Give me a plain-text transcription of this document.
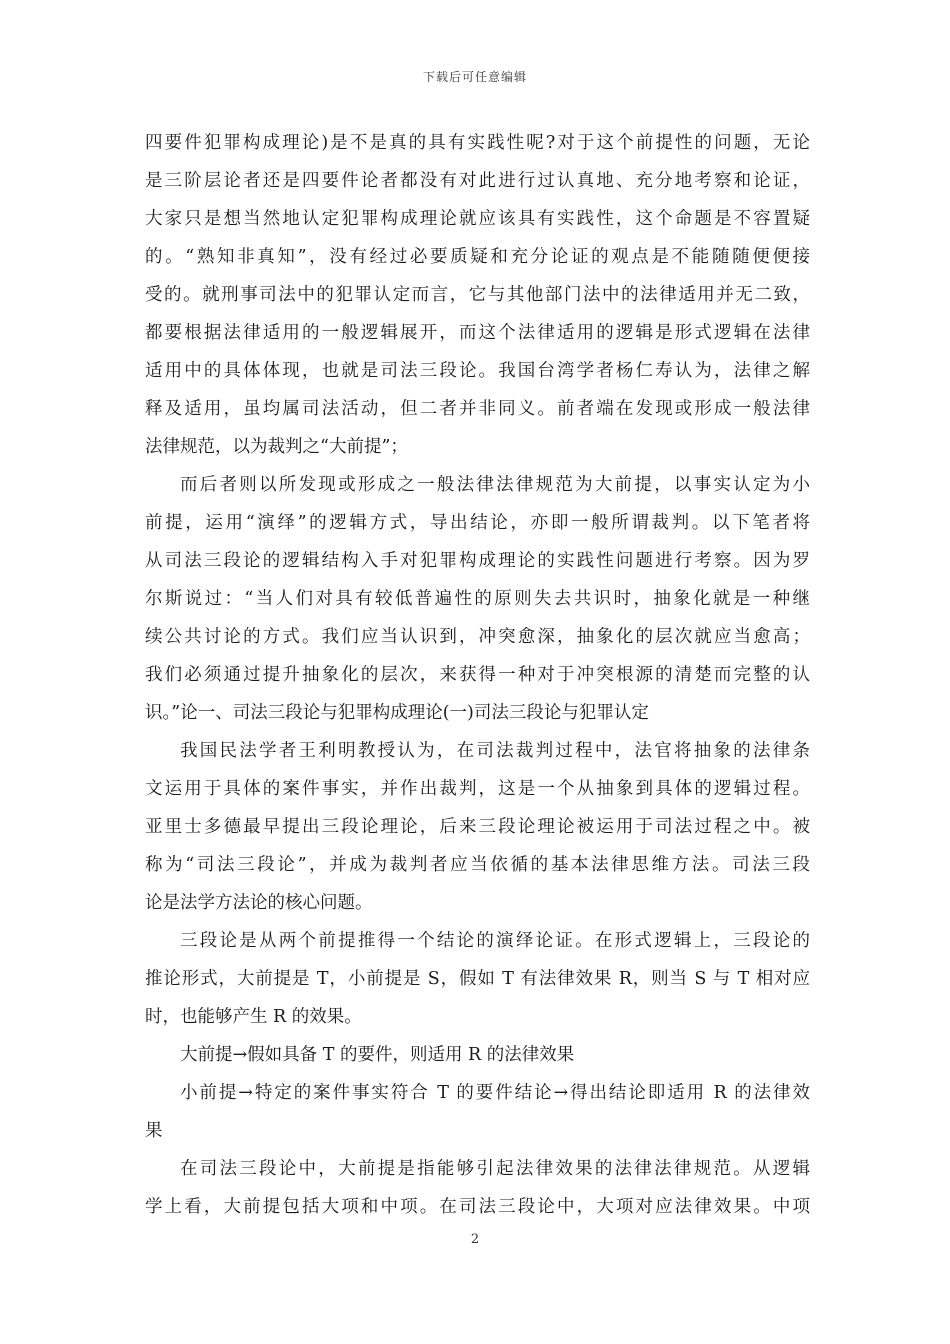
下载后可任意编辑
四要件犯罪构成理论)是不是真的具有实践性呢?对于这个前提性的问题，无论
是三阶层论者还是四要件论者都没有对此进行过认真地、充分地考察和论证，
大家只是想当然地认定犯罪构成理论就应该具有实践性，这个命题是不容置疑
的。“熟知非真知”，没有经过必要质疑和充分论证的观点是不能随随便便接
受的。就刑事司法中的犯罪认定而言，它与其他部门法中的法律适用并无二致，
都要根据法律适用的一般逻辑展开，而这个法律适用的逻辑是形式逻辑在法律
适用中的具体体现，也就是司法三段论。我国台湾学者杨仁寿认为，法律之解
释及适用，虽均属司法活动，但二者并非同义。前者端在发现或形成一般法律
法律规范，以为裁判之“大前提”；
而后者则以所发现或形成之一般法律法律规范为大前提，以事实认定为小
前提，运用“演绎”的逻辑方式，导出结论，亦即一般所谓裁判。以下笔者将
从司法三段论的逻辑结构入手对犯罪构成理论的实践性问题进行考察。因为罗
尔斯说过：“当人们对具有较低普遍性的原则失去共识时，抽象化就是一种继
续公共讨论的方式。我们应当认识到，冲突愈深，抽象化的层次就应当愈高；
我们必须通过提升抽象化的层次，来获得一种对于冲突根源的清楚而完整的认
识。”论一、司法三段论与犯罪构成理论(一)司法三段论与犯罪认定
我国民法学者王利明教授认为，在司法裁判过程中，法官将抽象的法律条
文运用于具体的案件事实，并作出裁判，这是一个从抽象到具体的逻辑过程。
亚里士多德最早提出三段论理论，后来三段论理论被运用于司法过程之中。被
称为“司法三段论”，并成为裁判者应当依循的基本法律思维方法。司法三段
论是法学方法论的核心问题。
三段论是从两个前提推得一个结论的演绎论证。在形式逻辑上，三段论的
推论形式，大前提是 T，小前提是 S，假如 T 有法律效果 R，则当 S 与 T 相对应
时，也能够产生 R 的效果。
大前提→假如具备 T 的要件，则适用 R 的法律效果
小前提→特定的案件事实符合 T 的要件结论→得出结论即适用 R 的法律效
果
在司法三段论中，大前提是指能够引起法律效果的法律法律规范。从逻辑
学上看，大前提包括大项和中项。在司法三段论中，大项对应法律效果。中项
2
